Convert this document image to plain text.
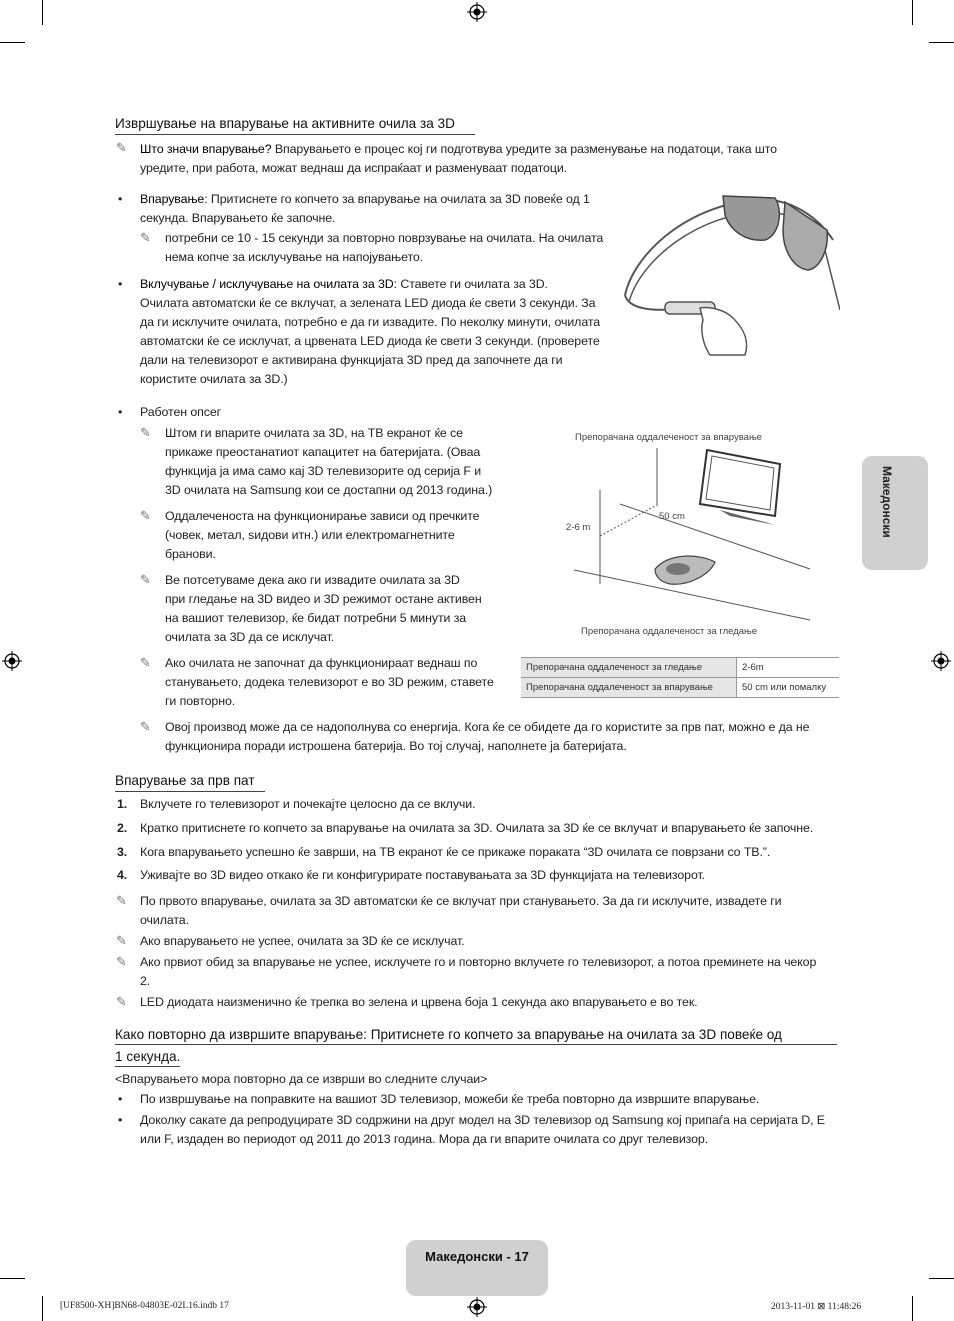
Извршување на впарување на активните очила за 3D
✎ Што значи впарување? Впарувањето е процес кој ги подготвува уредите за разменување на податоци, така што
уредите, при работа, можат веднаш да испраќаат и разменуваат податоци.
• Впарување: Притиснете го копчето за впарување на очилата за 3D повеќе од 1
секунда. Впарувањето ќе започне.
✎ потребни се 10 - 15 секунди за повторно поврзување на очилата. На очилата
нема копче за исклучување на напојувањето.
• Вклучување / исклучување на очилата за 3D: Ставете ги очилата за 3D.
Очилата автоматски ќе се вклучат, а зелената LED диода ќе свети 3 секунди. За
да ги исклучите очилата, потребно е да ги извадите. По неколку минути, очилата
автоматски ќе се исклучат, а црвената LED диода ќе свети 3 секунди. (проверете
дали на телевизорот е активирана функцијата 3D пред да започнете да ги
користите очилата за 3D.)
• Работен опсег
✎ Штом ги впарите очилата за 3D, на ТВ екранот ќе се
прикаже преостанатиот капацитет на батеријата. (Оваа
функција ја има само кај 3D телевизорите од серија F и
3D очилата на Samsung кои се достапни од 2013 година.)
✎ Оддалеченоста на функционирање зависи од пречките
(човек, метал, ѕидови итн.) или електромагнетните
бранови.
✎ Ве потсетуваме дека ако ги извадите очилата за 3D
при гледање на 3D видео и 3D режимот остане активен
на вашиот телевизор, ќе бидат потребни 5 минути за
очилата за 3D да се исклучат.
✎ Ако очилата не започнат да функционираат веднаш по
станувањето, додека телевизорот е во 3D режим, ставете
ги повторно.
✎ Овој производ може да се надополнува со енергија. Кога ќе се обидете да го користите за прв пат, можно е да не
функционира поради истрошена батерија. Во тој случај, наполнете ја батеријата.
Препорачана оддалеченост за впарување
2-6 m
50 cm
Препорачана оддалеченост за гледање
Препорачана оддалеченост за гледање	2-6m
Препорачана оддалеченост за впарување	50 cm или помалку
Впарување за прв пат
1. Вклучете го телевизорот и почекајте целосно да се вклучи.
2. Кратко притиснете го копчето за впарување на очилата за 3D. Очилата за 3D ќе се вклучат и впарувањето ќе започне.
3. Кога впарувањето успешно ќе заврши, на ТВ екранот ќе се прикаже пораката “3D очилата се поврзани со ТВ.”.
4. Уживајте во 3D видео откако ќе ги конфигурирате поставувањата за 3D функцијата на телевизорот.
✎ По првото впарување, очилата за 3D автоматски ќе се вклучат при станувањето. За да ги исклучите, извадете ги
очилата.
✎ Ако впарувањето не успее, очилата за 3D ќе се исклучат.
✎ Ако првиот обид за впарување не успее, исклучете го и повторно вклучете го телевизорот, а потоа преминете на чекор
2.
✎ LED диодата наизменично ќе трепка во зелена и црвена боја 1 секунда ако впарувањето е во тек.
Како повторно да извршите впарување: Притиснете го копчето за впарување на очилата за 3D повеќе од
1 секунда.
<Впарувањето мора повторно да се изврши во следните случаи>
• По извршување на поправките на вашиот 3D телевизор, можеби ќе треба повторно да извршите впарување.
• Доколку сакате да репродуцирате 3D содржини на друг модел на 3D телевизор од Samsung кој припаѓа на серијата D, E
или F, издаден во периодот од 2011 до 2013 година. Мора да ги впарите очилата со друг телевизор.
Македонски
Македонски - 17
[UF8500-XH]BN68-04803E-02L16.indb 17	2013-11-01 ⊠ 11:48:26
